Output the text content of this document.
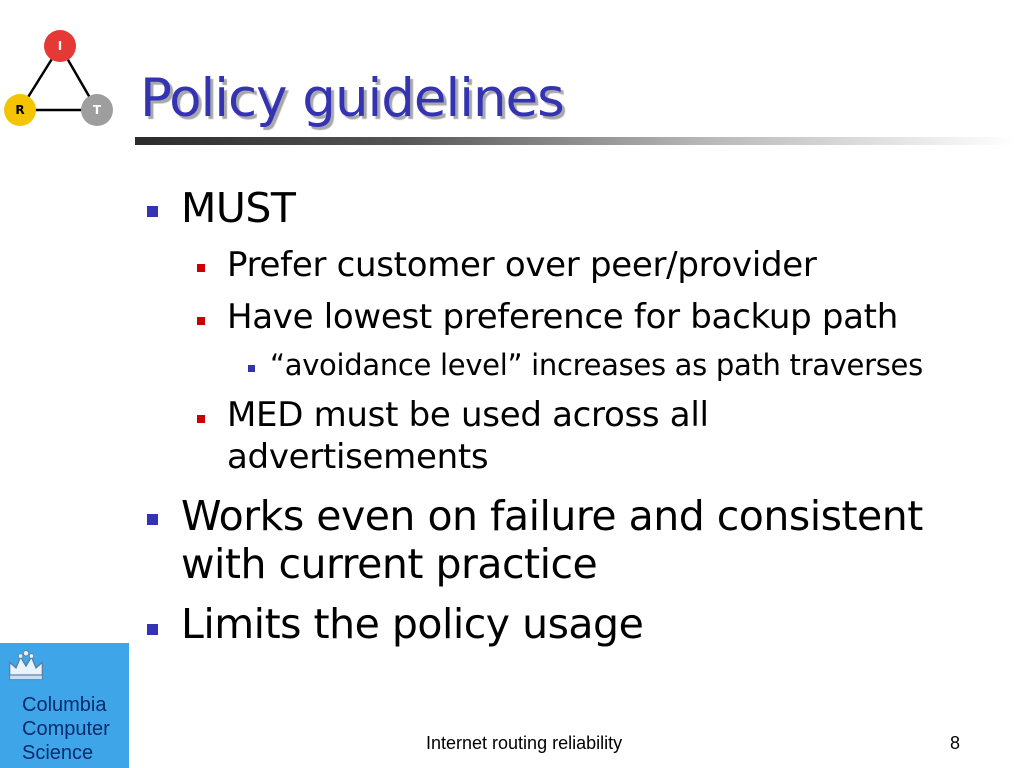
I
R	T Policy guidelines
MUST
Prefer customer over peer/provider
Have lowest preference for backup path
“avoidance level” increases as path traverses
MED must be used across all
advertisements
Works even on failure and consistent
with current practice
Limits the policy usage
Columbia
Computer
Science	Internet routing reliability	8
